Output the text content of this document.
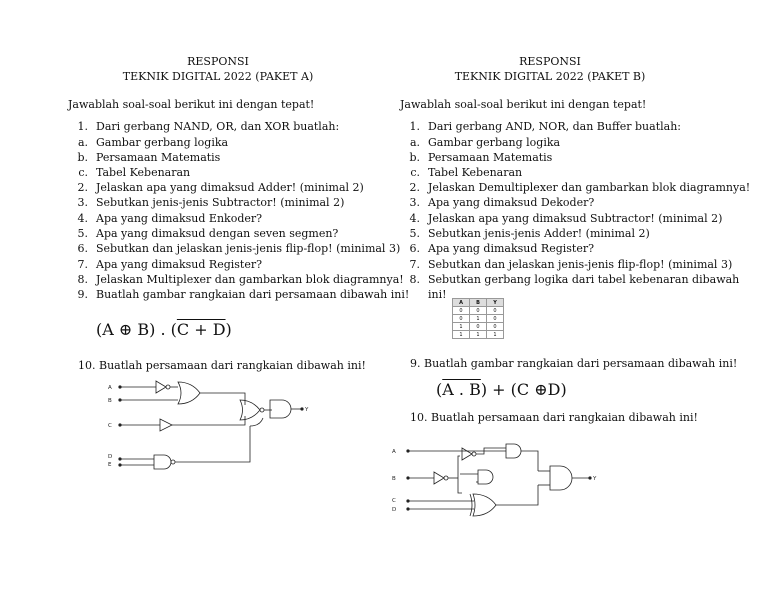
RESPONSI
TEKNIK DIGITAL 2022 (PAKET A)
Jawablah soal-soal berikut ini dengan tepat!
1. Dari gerbang NAND, OR, dan XOR buatlah:
a. Gambar gerbang logika
b. Persamaan Matematis
c. Tabel Kebenaran
2. Jelaskan apa yang dimaksud Adder! (minimal 2)
3. Sebutkan jenis-jenis Subtractor! (minimal 2)
4. Apa yang dimaksud Enkoder?
5. Apa yang dimaksud dengan seven segmen?
6. Sebutkan dan jelaskan jenis-jenis flip-flop! (minimal 3)
7. Apa yang dimaksud Register?
8. Jelaskan Multiplexer dan gambarkan blok diagramnya!
9. Buatlah gambar rangkaian dari persamaan dibawah ini!
(A ⊕ B) . (C + D)
10. Buatlah persamaan dari rangkaian dibawah ini!
A
B
C
D
E
Y
RESPONSI
TEKNIK DIGITAL 2022 (PAKET B)
Jawablah soal-soal berikut ini dengan tepat!
1. Dari gerbang AND, NOR, dan Buffer buatlah:
a. Gambar gerbang logika
b. Persamaan Matematis
c. Tabel Kebenaran
2. Jelaskan Demultiplexer dan gambarkan blok diagramnya!
3. Apa yang dimaksud Dekoder?
4. Jelaskan apa yang dimaksud Subtractor! (minimal 2)
5. Sebutkan jenis-jenis Adder! (minimal 2)
6. Apa yang dimaksud Register?
7. Sebutkan dan jelaskan jenis-jenis flip-flop! (minimal 3)
8. Sebutkan gerbang logika dari tabel kebenaran dibawah
ini!
A	B	Y
0	0	0
0	1	0
1	0	0
1	1	1
9. Buatlah gambar rangkaian dari persamaan dibawah ini!
(A . B) + (C ⊕D)
10. Buatlah persamaan dari rangkaian dibawah ini!
A
B
C
D
Y
